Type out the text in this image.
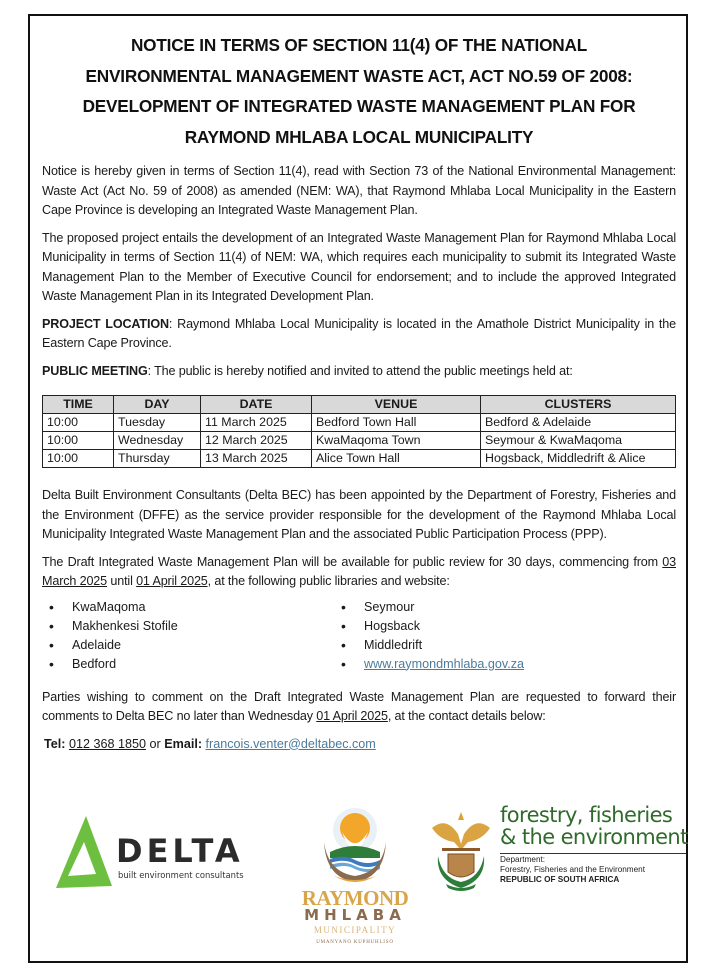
NOTICE IN TERMS OF SECTION 11(4) OF THE NATIONAL
ENVIRONMENTAL MANAGEMENT WASTE ACT, ACT NO.59 OF 2008:
DEVELOPMENT OF INTEGRATED WASTE MANAGEMENT PLAN FOR
RAYMOND MHLABA LOCAL MUNICIPALITY

Notice is hereby given in terms of Section 11(4), read with Section 73 of the National Environmental Management: Waste Act (Act No. 59 of 2008) as amended (NEM: WA), that Raymond Mhlaba Local Municipality in the Eastern Cape Province is developing an Integrated Waste Management Plan.

The proposed project entails the development of an Integrated Waste Management Plan for Raymond Mhlaba Local Municipality in terms of Section 11(4) of NEM: WA, which requires each municipality to submit its Integrated Waste Management Plan to the Member of Executive Council for endorsement; and to include the approved Integrated Waste Management Plan in its Integrated Development Plan.

PROJECT LOCATION: Raymond Mhlaba Local Municipality is located in the Amathole District Municipality in the Eastern Cape Province.

PUBLIC MEETING: The public is hereby notified and invited to attend the public meetings held at:

TIME	DAY	DATE	VENUE	CLUSTERS
10:00	Tuesday	11 March 2025	Bedford Town Hall	Bedford & Adelaide
10:00	Wednesday	12 March 2025	KwaMaqoma Town	Seymour & KwaMaqoma
10:00	Thursday	13 March 2025	Alice Town Hall	Hogsback, Middledrift & Alice

Delta Built Environment Consultants (Delta BEC) has been appointed by the Department of Forestry, Fisheries and the Environment (DFFE) as the service provider responsible for the development of the Raymond Mhlaba Local Municipality Integrated Waste Management Plan and the associated Public Participation Process (PPP).

The Draft Integrated Waste Management Plan will be available for public review for 30 days, commencing from 03 March 2025 until 01 April 2025, at the following public libraries and website:

• KwaMaqoma
• Makhenkesi Stofile
• Adelaide
• Bedford
• Seymour
• Hogsback
• Middledrift
• www.raymondmhlaba.gov.za

Parties wishing to comment on the Draft Integrated Waste Management Plan are requested to forward their comments to Delta BEC no later than Wednesday 01 April 2025, at the contact details below:

Tel: 012 368 1850 or Email: francois.venter@deltabec.com
DELTA
built environment consultants
RAYMOND
MHLABA
MUNICIPALITY
UMANYANO KUPHUHLISO
forestry, fisheries
& the environment
Department:
Forestry, Fisheries and the Environment
REPUBLIC OF SOUTH AFRICA
